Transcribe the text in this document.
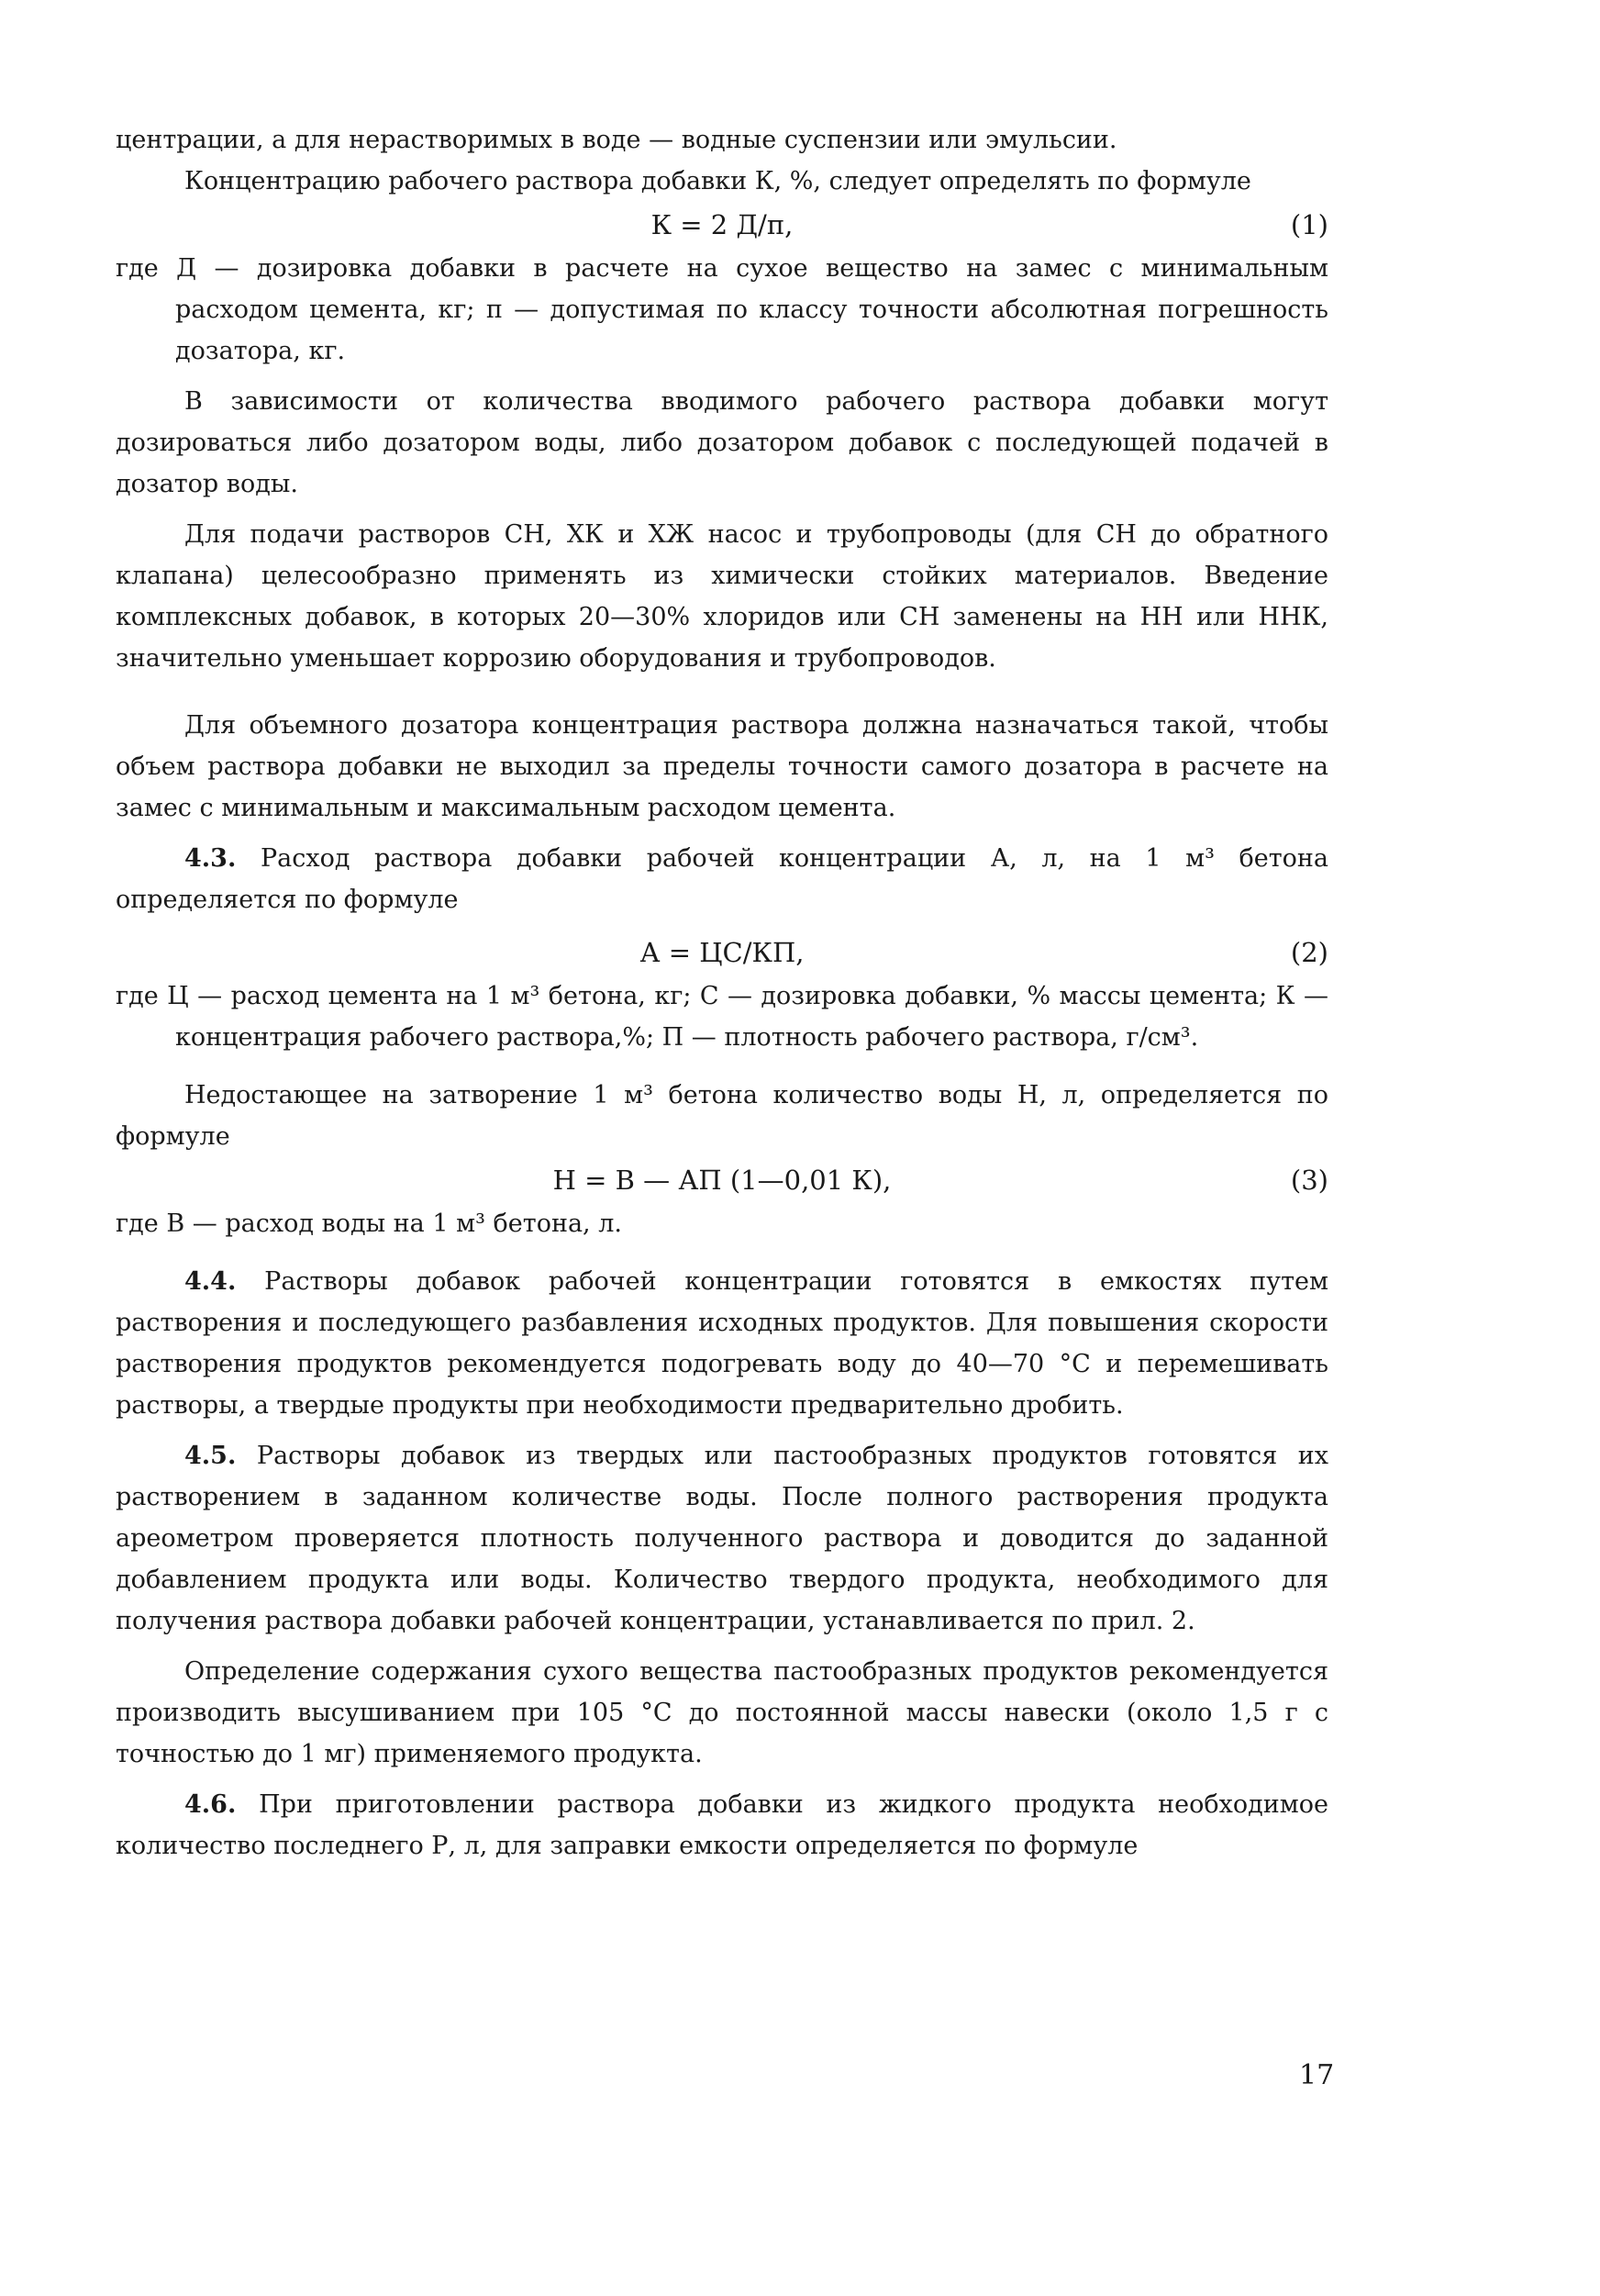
центрации, а для нерастворимых в воде — водные суспензии или эмульсии.

Концентрацию рабочего раствора добавки К, %, следует определять по формуле

К = 2 Д/п,	(1)

где Д — дозировка добавки в расчете на сухое вещество на замес с минимальным расходом цемента, кг; п — допустимая по классу точности абсолютная погрешность дозатора, кг.

В зависимости от количества вводимого рабочего раствора добавки могут дозироваться либо дозатором воды, либо дозатором добавок с последующей подачей в дозатор воды.

Для подачи растворов СН, ХК и ХЖ насос и трубопроводы (для СН до обратного клапана) целесообразно применять из химически стойких материалов. Введение комплексных добавок, в которых 20—30% хлоридов или СН заменены на НН или ННК, значительно уменьшает коррозию оборудования и трубопроводов.

Для объемного дозатора концентрация раствора должна назначаться такой, чтобы объем раствора добавки не выходил за пределы точности самого дозатора в расчете на замес с минимальным и максимальным расходом цемента.

4.3. Расход раствора добавки рабочей концентрации А, л, на 1 м³ бетона определяется по формуле

А = ЦС/КП,	(2)

где Ц — расход цемента на 1 м³ бетона, кг; С — дозировка добавки, % массы цемента; К — концентрация рабочего раствора,%; П — плотность рабочего раствора, г/см³.

Недостающее на затворение 1 м³ бетона количество воды Н, л, определяется по формуле

Н = В — АП (1—0,01 К),	(3)

где В — расход воды на 1 м³ бетона, л.

4.4. Растворы добавок рабочей концентрации готовятся в емкостях путем растворения и последующего разбавления исходных продуктов. Для повышения скорости растворения продуктов рекомендуется подогревать воду до 40—70 °С и перемешивать растворы, а твердые продукты при необходимости предварительно дробить.

4.5. Растворы добавок из твердых или пастообразных продуктов готовятся их растворением в заданном количестве воды. После полного растворения продукта ареометром проверяется плотность полученного раствора и доводится до заданной добавлением продукта или воды. Количество твердого продукта, необходимого для получения раствора добавки рабочей концентрации, устанавливается по прил. 2.

Определение содержания сухого вещества пастообразных продуктов рекомендуется производить высушиванием при 105 °С до постоянной массы навески (около 1,5 г с точностью до 1 мг) применяемого продукта.

4.6. При приготовлении раствора добавки из жидкого продукта необходимое количество последнего Р, л, для заправки емкости определяется по формуле

17
